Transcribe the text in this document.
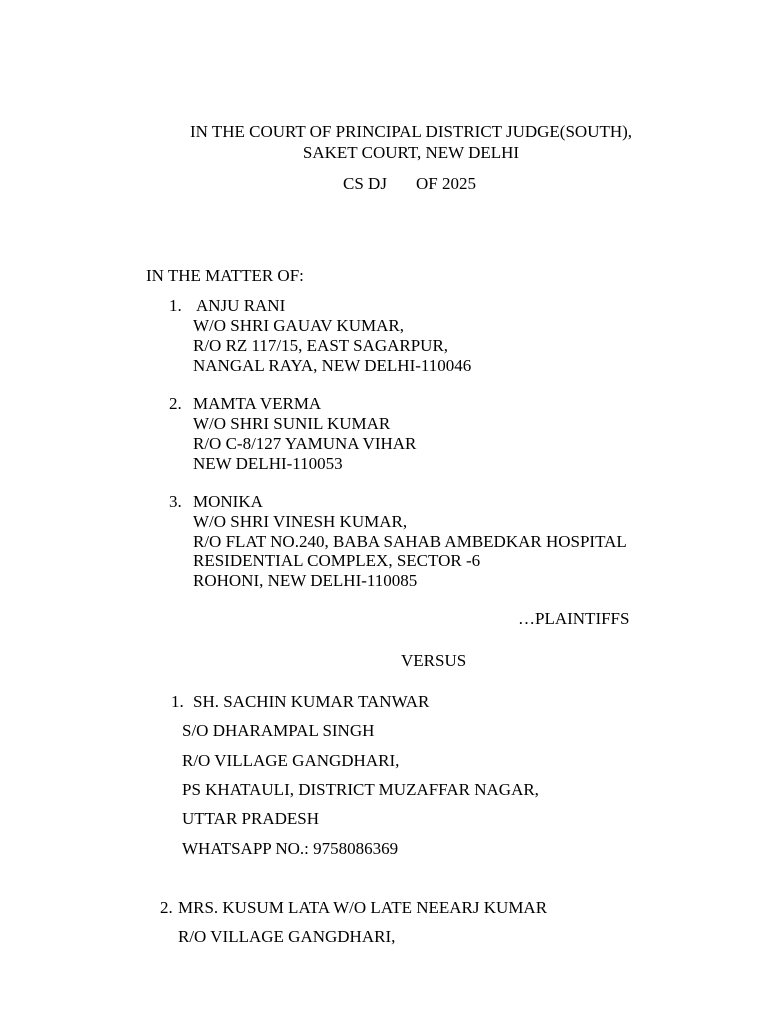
IN THE COURT OF PRINCIPAL DISTRICT JUDGE(SOUTH),
SAKET COURT, NEW DELHI
CS DJ OF 2025
IN THE MATTER OF:
1. ANJU RANI
W/O SHRI GAUAV KUMAR,
R/O RZ 117/15, EAST SAGARPUR,
NANGAL RAYA, NEW DELHI-110046
2. MAMTA VERMA
W/O SHRI SUNIL KUMAR
R/O C-8/127 YAMUNA VIHAR
NEW DELHI-110053
3. MONIKA
W/O SHRI VINESH KUMAR,
R/O FLAT NO.240, BABA SAHAB AMBEDKAR HOSPITAL
RESIDENTIAL COMPLEX, SECTOR -6
ROHONI, NEW DELHI-110085
…PLAINTIFFS
VERSUS
1. SH. SACHIN KUMAR TANWAR
S/O DHARAMPAL SINGH
R/O VILLAGE GANGDHARI,
PS KHATAULI, DISTRICT MUZAFFAR NAGAR,
UTTAR PRADESH
WHATSAPP NO.: 9758086369
2. MRS. KUSUM LATA W/O LATE NEEARJ KUMAR
R/O VILLAGE GANGDHARI,
